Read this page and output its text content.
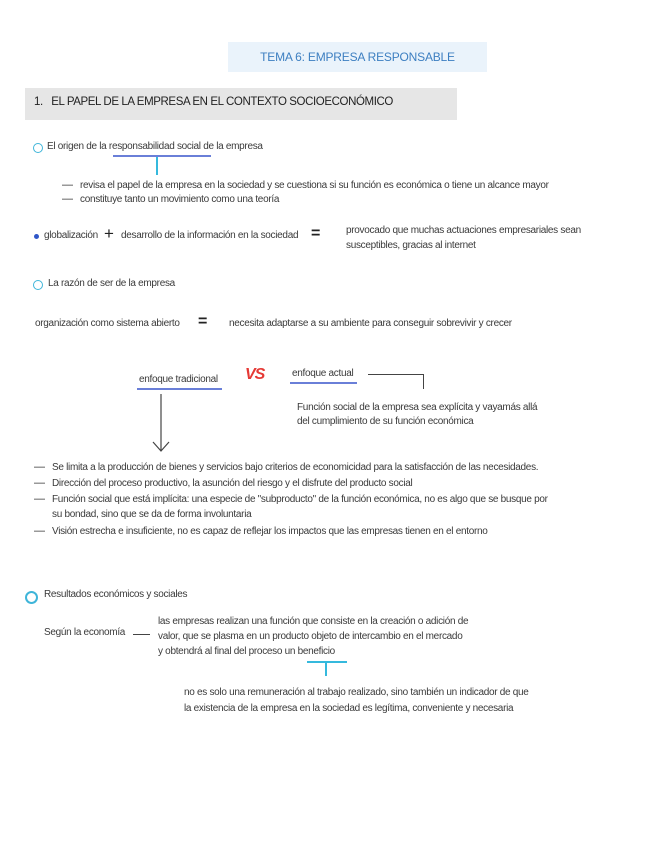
TEMA 6: EMPRESA RESPONSABLE
1. EL PAPEL DE LA EMPRESA EN EL CONTEXTO SOCIOECONÓMICO
El origen de la responsabilidad social de la empresa
— revisa el papel de la empresa en la sociedad y se cuestiona si su función es económica o tiene un alcance mayor
— constituye tanto un movimiento como una teoría
globalización + desarrollo de la información en la sociedad =	provocado que muchas actuaciones empresariales sean
susceptibles, gracias al internet
La razón de ser de la empresa
organización como sistema abierto = necesita adaptarse a su ambiente para conseguir sobrevivir y crecer
enfoque tradicional VS	enfoque actual
Función social de la empresa sea explícita y vayamás allá
del cumplimiento de su función económica
— Se limita a la producción de bienes y servicios bajo criterios de economicidad para la satisfacción de las necesidades.
— Dirección del proceso productivo, la asunción del riesgo y el disfrute del producto social
— Función social que está implícita: una especie de "subproducto" de la función económica, no es algo que se busque por
su bondad, sino que se da de forma involuntaria
— Visión estrecha e insuficiente, no es capaz de reflejar los impactos que las empresas tienen en el entorno
Resultados económicos y sociales
Según la economía
las empresas realizan una función que consiste en la creación o adición de
valor, que se plasma en un producto objeto de intercambio en el mercado
y obtendrá al final del proceso un beneficio
no es solo una remuneración al trabajo realizado, sino también un indicador de que
la existencia de la empresa en la sociedad es legítima, conveniente y necesaria
